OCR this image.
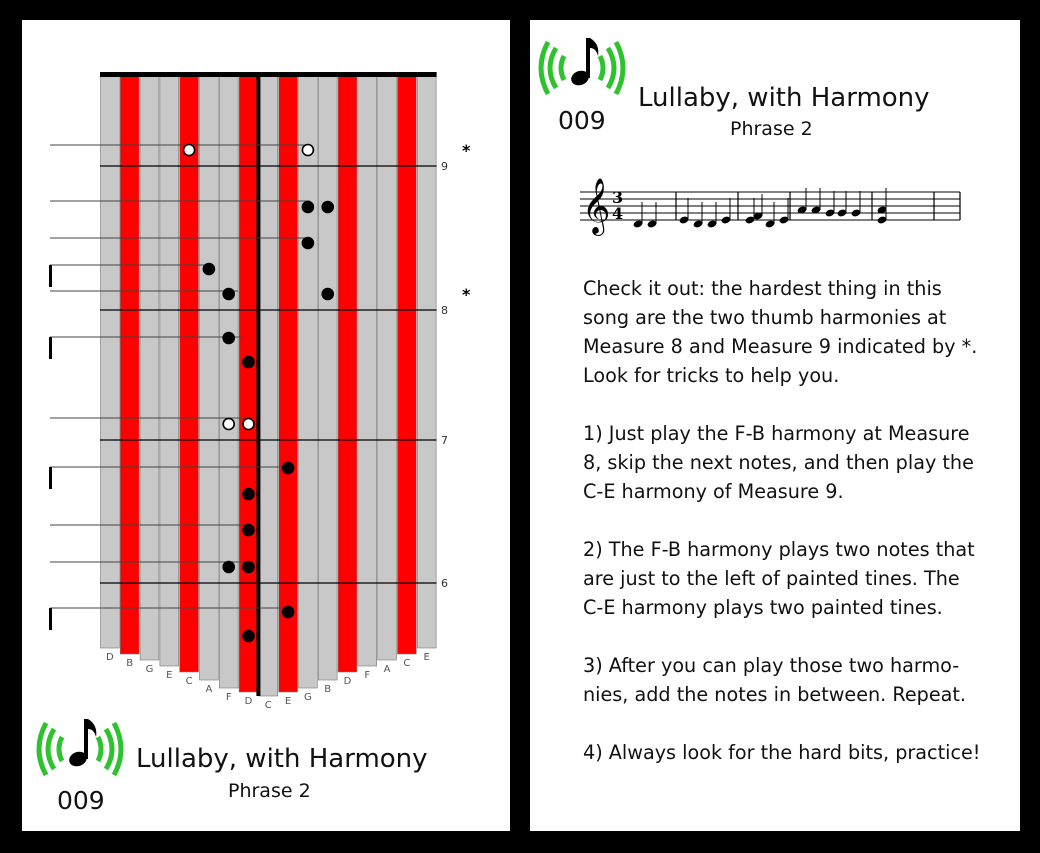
9
8
7
6
*
*
D
B
G
E
C
A
F D C E G
B
D
F
A
C
E
009
Lullaby, with Harmony
Phrase 2
009
Lullaby, with Harmony
Phrase 2
𝄞 3
4

Check it out: the hardest thing in this
song are the two thumb harmonies at
Measure 8 and Measure 9 indicated by *.
Look for tricks to help you.

1) Just play the F-B harmony at Measure
8, skip the next notes, and then play the
C-E harmony of Measure 9.

2) The F-B harmony plays two notes that
are just to the left of painted tines. The
C-E harmony plays two painted tines.

3) After you can play those two harmo-
nies, add the notes in between. Repeat.

4) Always look for the hard bits, practice!
